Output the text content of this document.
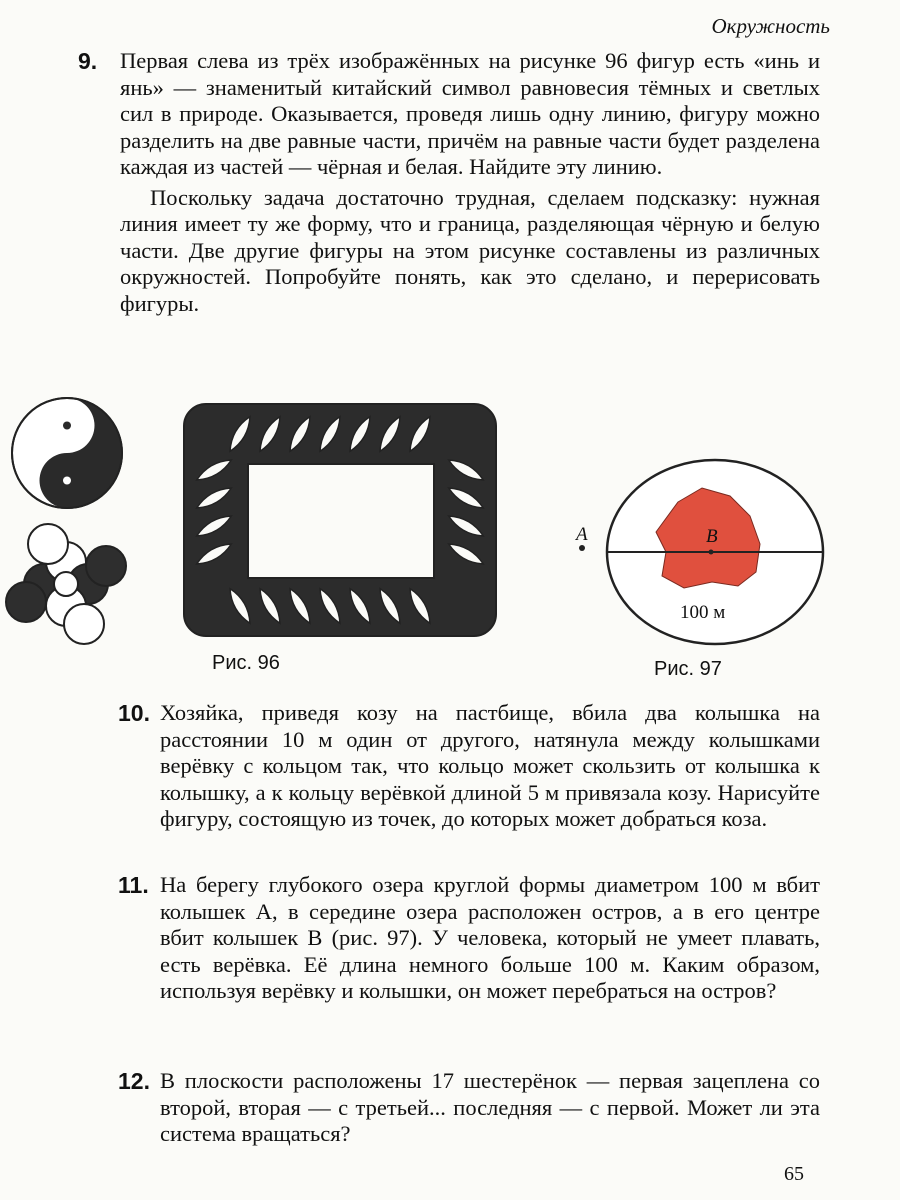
Окружность
9. Первая слева из трёх изображённых на рисунке 96 фигур есть «инь и янь» — знаменитый китайский символ равновесия тёмных и светлых сил в природе. Оказывается, проведя лишь одну линию, фигуру можно разделить на две равные части, причём на равные части будет разделена каждая из частей — чёрная и белая. Найдите эту линию.

Поскольку задача достаточно трудная, сделаем подсказку: нужная линия имеет ту же форму, что и граница, разделяющая чёрную и белую части. Две другие фигуры на этом рисунке составлены из различных окружностей. Попробуйте понять, как это сделано, и перерисовать фигуры.

Рис. 96
A	B
100 м
Рис. 97
10. Хозяйка, приведя козу на пастбище, вбила два колышка на расстоянии 10 м один от другого, натянула между колышками верёвку с кольцом так, что кольцо может скользить от колышка к колышку, а к кольцу верёвкой длиной 5 м привязала козу. Нарисуйте фигуру, состоящую из точек, до которых может добраться коза.

11. На берегу глубокого озера круглой формы диаметром 100 м вбит колышек A, в середине озера расположен остров, а в его центре вбит колышек B (рис. 97). У человека, который не умеет плавать, есть верёвка. Её длина немного больше 100 м. Каким образом, используя верёвку и колышки, он может перебраться на остров?

12. В плоскости расположены 17 шестерёнок — первая зацеплена со второй, вторая — с третьей... последняя — с первой. Может ли эта система вращаться?

65
